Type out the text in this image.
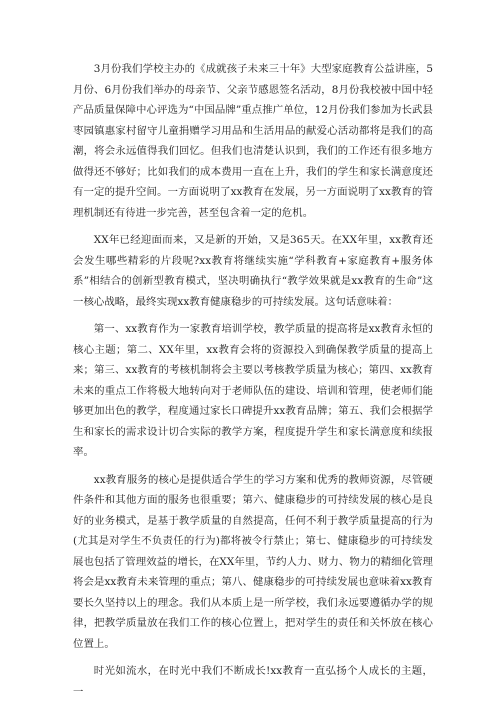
3月份我们学校主办的《成就孩子未来三十年》大型家庭教育公益讲座，5月份、6月份我们举办的母亲节、父亲节感恩签名活动，8月份我校被中国中轻产品质量保障中心评选为“中国品牌”重点推广单位，12月份我们参加为长武县枣园镇惠家村留守儿童捐赠学习用品和生活用品的献爱心活动都将是我们的高潮，将会永远值得我们回忆。但我们也清楚认识到，我们的工作还有很多地方做得还不够好；比如我们的成本费用一直在上升，我们的学生和家长满意度还有一定的提升空间。一方面说明了xx教育在发展，另一方面说明了xx教育的管理机制还有待进一步完善，甚至包含着一定的危机。

XX年已经迎面而来，又是新的开始，又是365天。在XX年里，xx教育还会发生哪些精彩的片段呢?xx教育将继续实施“学科教育+家庭教育+服务体系”相结合的创新型教育模式，坚决明确执行“教学效果就是xx教育的生命”这一核心战略，最终实现xx教育健康稳步的可持续发展。这句话意味着：

第一、xx教育作为一家教育培训学校，教学质量的提高将是xx教育永恒的核心主题；第二、XX年里，xx教育会将的资源投入到确保教学质量的提高上来；第三、xx教育的考核机制将会主要以考核教学质量为核心；第四、xx教育未来的重点工作将极大地转向对于老师队伍的建设、培训和管理，使老师们能够更加出色的教学，程度通过家长口碑提升xx教育品牌；第五、我们会根据学生和家长的需求设计切合实际的教学方案，程度提升学生和家长满意度和续报率。

xx教育服务的核心是提供适合学生的学习方案和优秀的教师资源，尽管硬件条件和其他方面的服务也很重要；第六、健康稳步的可持续发展的核心是良好的业务模式，是基于教学质量的自然提高，任何不利于教学质量提高的行为(尤其是对学生不负责任的行为)都将被令行禁止；第七、健康稳步的可持续发展也包括了管理效益的增长，在XX年里，节约人力、财力、物力的精细化管理将会是xx教育未来管理的重点；第八、健康稳步的可持续发展也意味着xx教育要长久坚持以上的理念。我们从本质上是一所学校，我们永远要遵循办学的规律，把教学质量放在我们工作的核心位置上，把对学生的责任和关怀放在核心位置上。

时光如流水，在时光中我们不断成长!xx教育一直弘扬个人成长的主题，一
